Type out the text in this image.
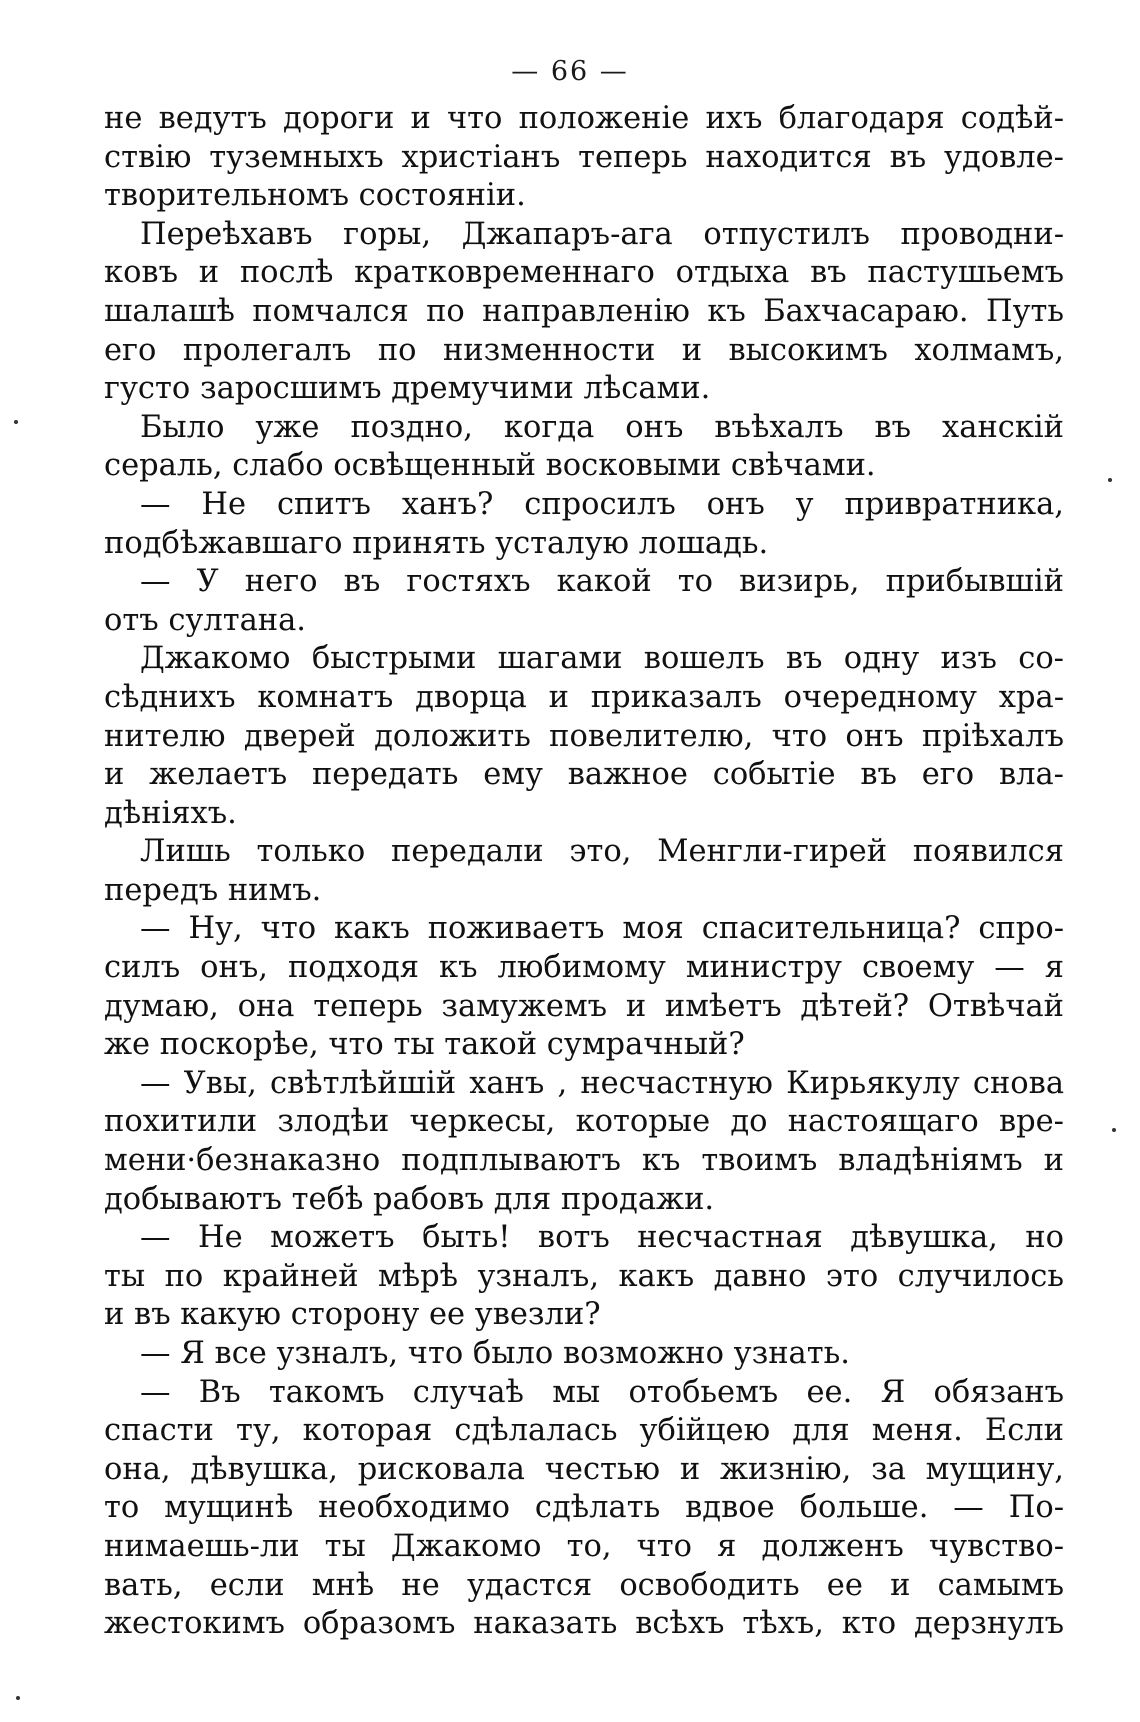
— 66 —
не ведутъ дороги и что положеніе ихъ благодаря содѣй-
ствію туземныхъ христіанъ теперь находится въ удовле-
творительномъ состояніи.
Переѣхавъ горы, Джапаръ-ага отпустилъ проводни-
ковъ и послѣ кратковременнаго отдыха въ пастушьемъ
шалашѣ помчался по направленію къ Бахчасараю. Путь
его пролегалъ по низменности и высокимъ холмамъ,
густо заросшимъ дремучими лѣсами.
Было уже поздно, когда онъ въѣхалъ въ ханскій
сераль, слабо освѣщенный восковыми свѣчами.
— Не спитъ ханъ? спросилъ онъ у привратника,
подбѣжавшаго принять усталую лошадь.
— У него въ гостяхъ какой то визирь, прибывшій
отъ султана.
Джакомо быстрыми шагами вошелъ въ одну изъ со-
сѣднихъ комнатъ дворца и приказалъ очередному хра-
нителю дверей доложить повелителю, что онъ пріѣхалъ
и желаетъ передать ему важное событіе въ его вла-
дѣніяхъ.
Лишь только передали это, Менгли-гирей появился
передъ нимъ.
— Ну, что какъ поживаетъ моя спасительница? спро-
силъ онъ, подходя къ любимому министру своему — я
думаю, она теперь замужемъ и имѣетъ дѣтей? Отвѣчай
же поскорѣе, что ты такой сумрачный?
— Увы, свѣтлѣйшій ханъ , несчастную Кирьякулу снова
похитили злодѣи черкесы, которые до настоящаго вре-
мени·безнаказно подплываютъ къ твоимъ владѣніямъ и
добываютъ тебѣ рабовъ для продажи.
— Не можетъ быть! вотъ несчастная дѣвушка, но
ты по крайней мѣрѣ узналъ, какъ давно это случилось
и въ какую сторону ее увезли?
— Я все узналъ, что было возможно узнать.
— Въ такомъ случаѣ мы отобьемъ ее. Я обязанъ
спасти ту, которая сдѣлалась убійцею для меня. Если
она, дѣвушка, рисковала честью и жизнію, за мущину,
то мущинѣ необходимо сдѣлать вдвое больше. — По-
нимаешь-ли ты Джакомо то, что я долженъ чувство-
вать, если мнѣ не удастся освободить ее и самымъ
жестокимъ образомъ наказать всѣхъ тѣхъ, кто дерзнулъ
